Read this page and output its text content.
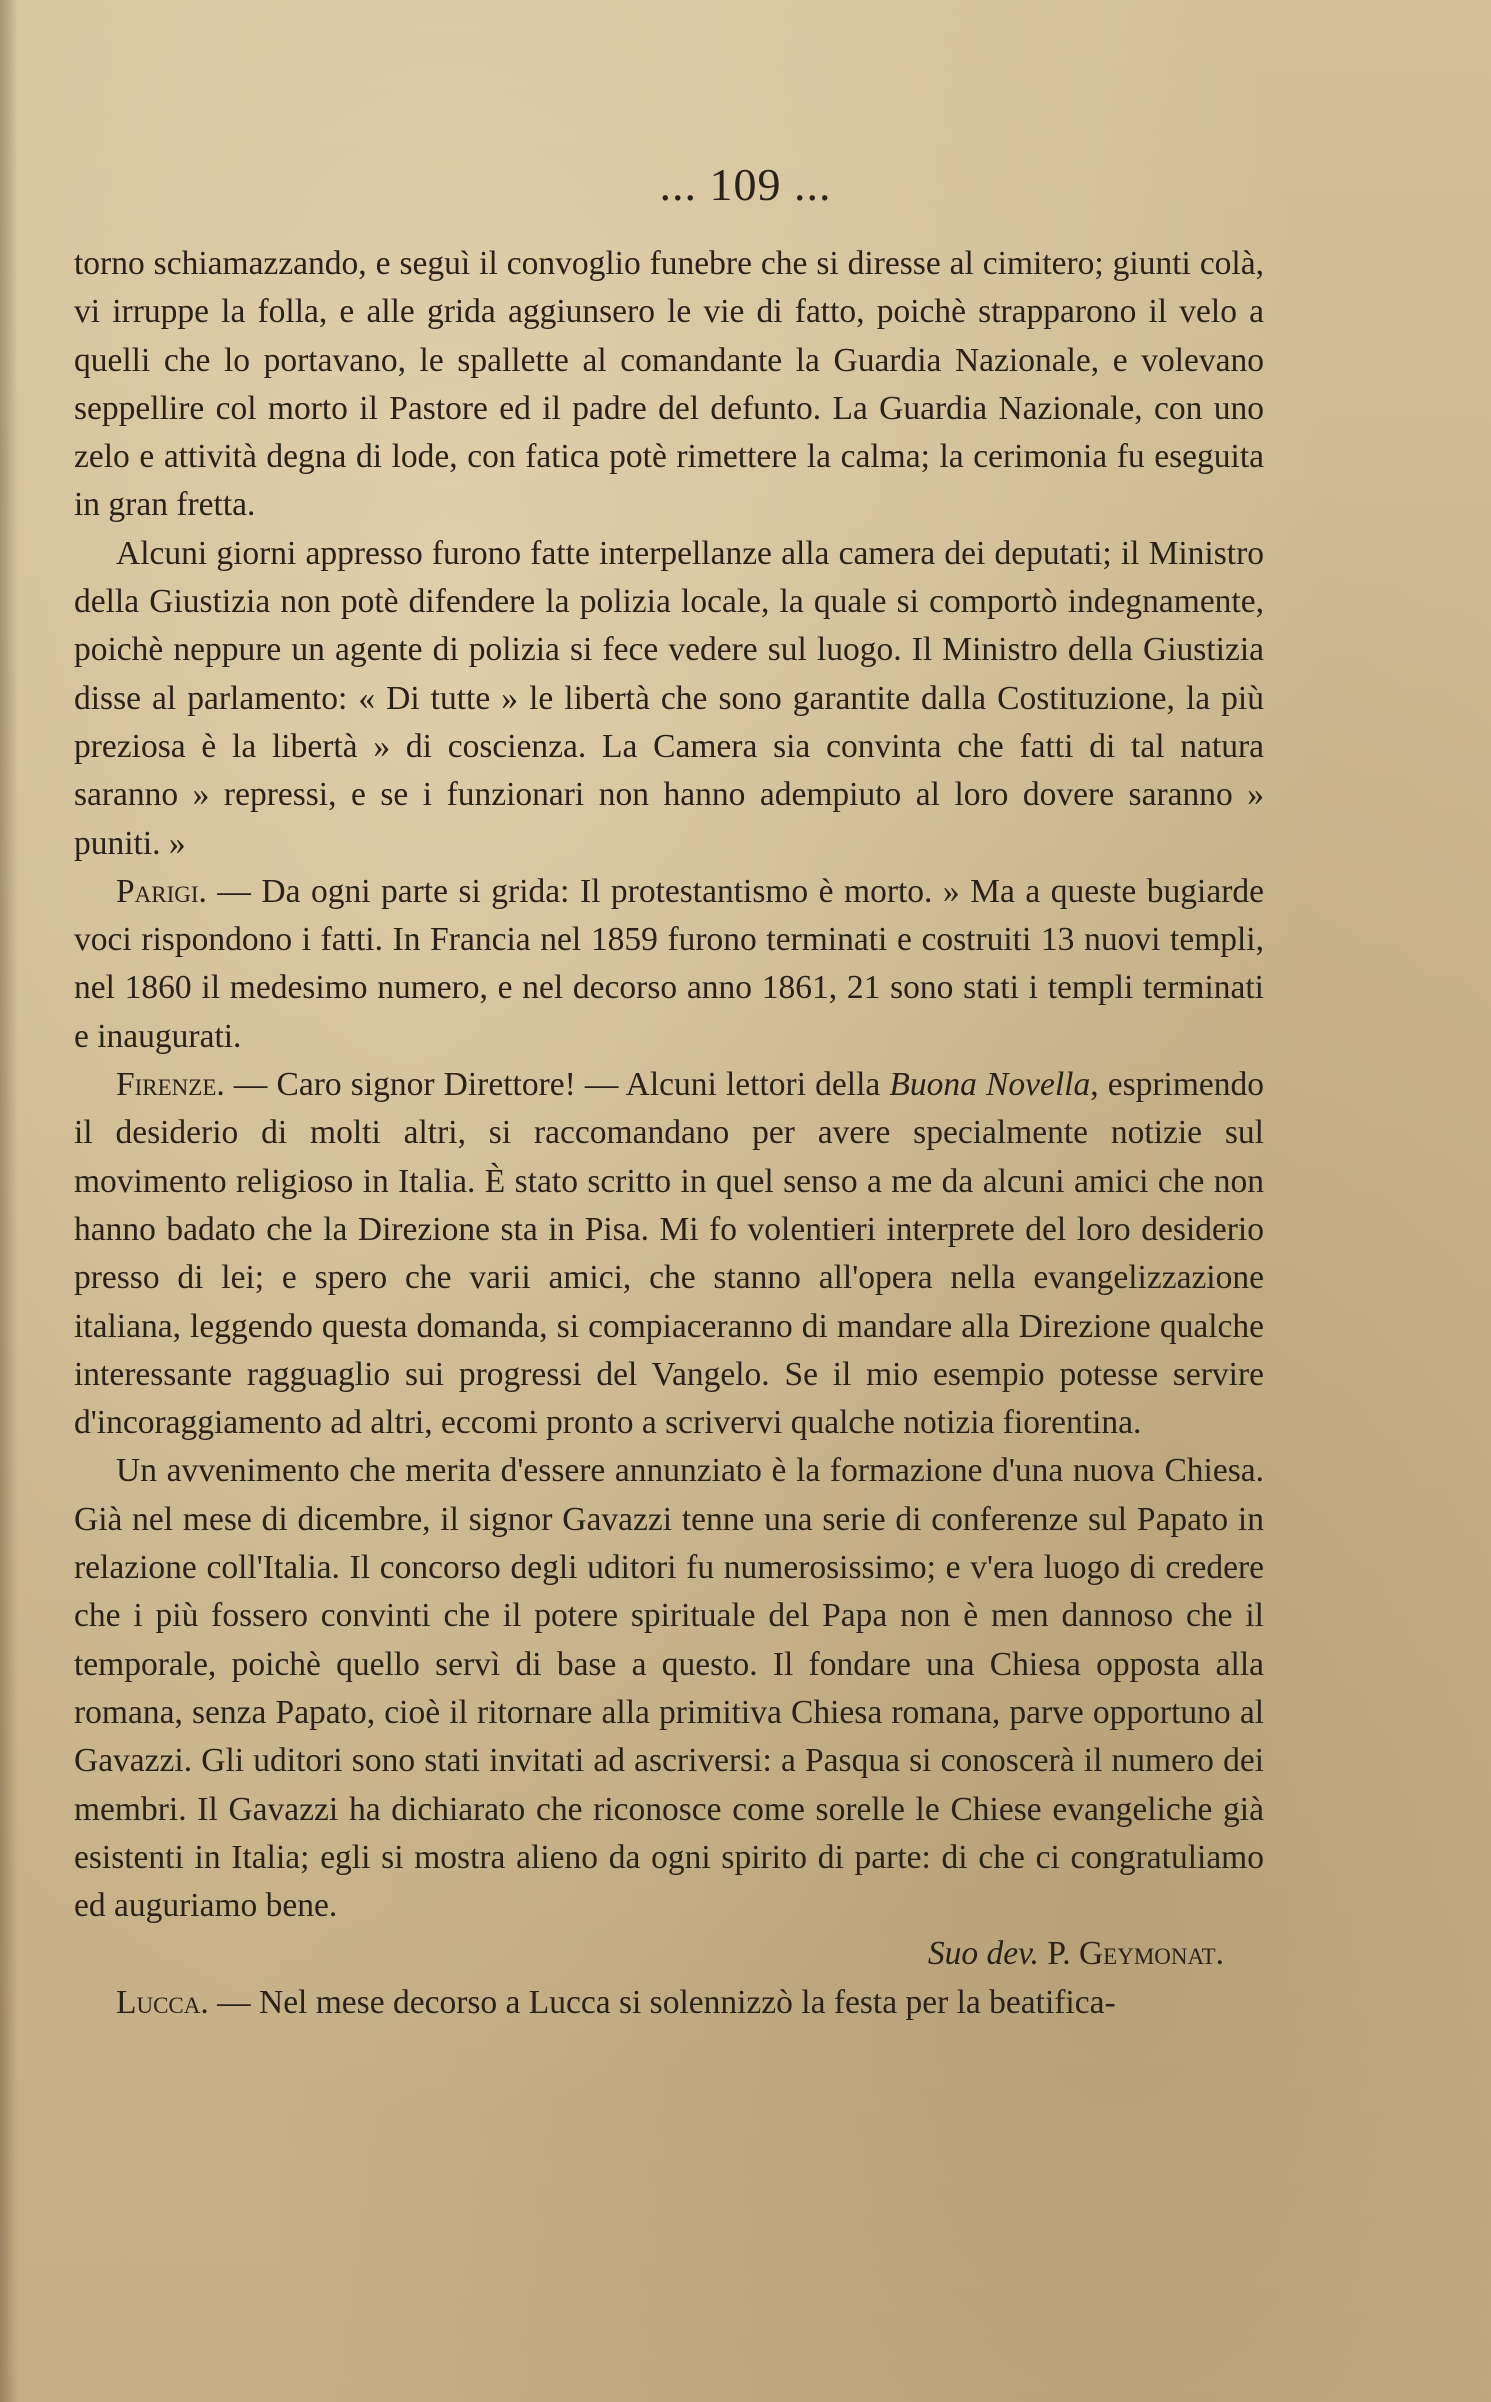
... 109 ...

torno schiamazzando, e seguì il convoglio funebre che si diresse al cimitero; giunti colà, vi irruppe la folla, e alle grida aggiunsero le vie di fatto, poichè strapparono il velo a quelli che lo portavano, le spallette al comandante la Guardia Nazionale, e volevano seppellire col morto il Pastore ed il padre del defunto. La Guardia Nazionale, con uno zelo e attività degna di lode, con fatica potè rimettere la calma; la cerimonia fu eseguita in gran fretta.

Alcuni giorni appresso furono fatte interpellanze alla camera dei deputati; il Ministro della Giustizia non potè difendere la polizia locale, la quale si comportò indegnamente, poichè neppure un agente di polizia si fece vedere sul luogo. Il Ministro della Giustizia disse al parlamento: « Di tutte » le libertà che sono garantite dalla Costituzione, la più preziosa è la libertà » di coscienza. La Camera sia convinta che fatti di tal natura saranno » repressi, e se i funzionari non hanno adempiuto al loro dovere saranno » puniti. »

Parigi. — Da ogni parte si grida: Il protestantismo è morto. » Ma a queste bugiarde voci rispondono i fatti. In Francia nel 1859 furono terminati e costruiti 13 nuovi templi, nel 1860 il medesimo numero, e nel decorso anno 1861, 21 sono stati i templi terminati e inaugurati.

Firenze. — Caro signor Direttore! — Alcuni lettori della Buona Novella, esprimendo il desiderio di molti altri, si raccomandano per avere specialmente notizie sul movimento religioso in Italia. È stato scritto in quel senso a me da alcuni amici che non hanno badato che la Direzione sta in Pisa. Mi fo volentieri interprete del loro desiderio presso di lei; e spero che varii amici, che stanno all'opera nella evangelizzazione italiana, leggendo questa domanda, si compiaceranno di mandare alla Direzione qualche interessante ragguaglio sui progressi del Vangelo. Se il mio esempio potesse servire d'incoraggiamento ad altri, eccomi pronto a scrivervi qualche notizia fiorentina.

Un avvenimento che merita d'essere annunziato è la formazione d'una nuova Chiesa. Già nel mese di dicembre, il signor Gavazzi tenne una serie di conferenze sul Papato in relazione coll'Italia. Il concorso degli uditori fu numerosissimo; e v'era luogo di credere che i più fossero convinti che il potere spirituale del Papa non è men dannoso che il temporale, poichè quello servì di base a questo. Il fondare una Chiesa opposta alla romana, senza Papato, cioè il ritornare alla primitiva Chiesa romana, parve opportuno al Gavazzi. Gli uditori sono stati invitati ad ascriversi: a Pasqua si conoscerà il numero dei membri. Il Gavazzi ha dichiarato che riconosce come sorelle le Chiese evangeliche già esistenti in Italia; egli si mostra alieno da ogni spirito di parte: di che ci congratuliamo ed auguriamo bene.

Suo dev. P. Geymonat.

Lucca. — Nel mese decorso a Lucca si solennizzò la festa per la beatifica-
